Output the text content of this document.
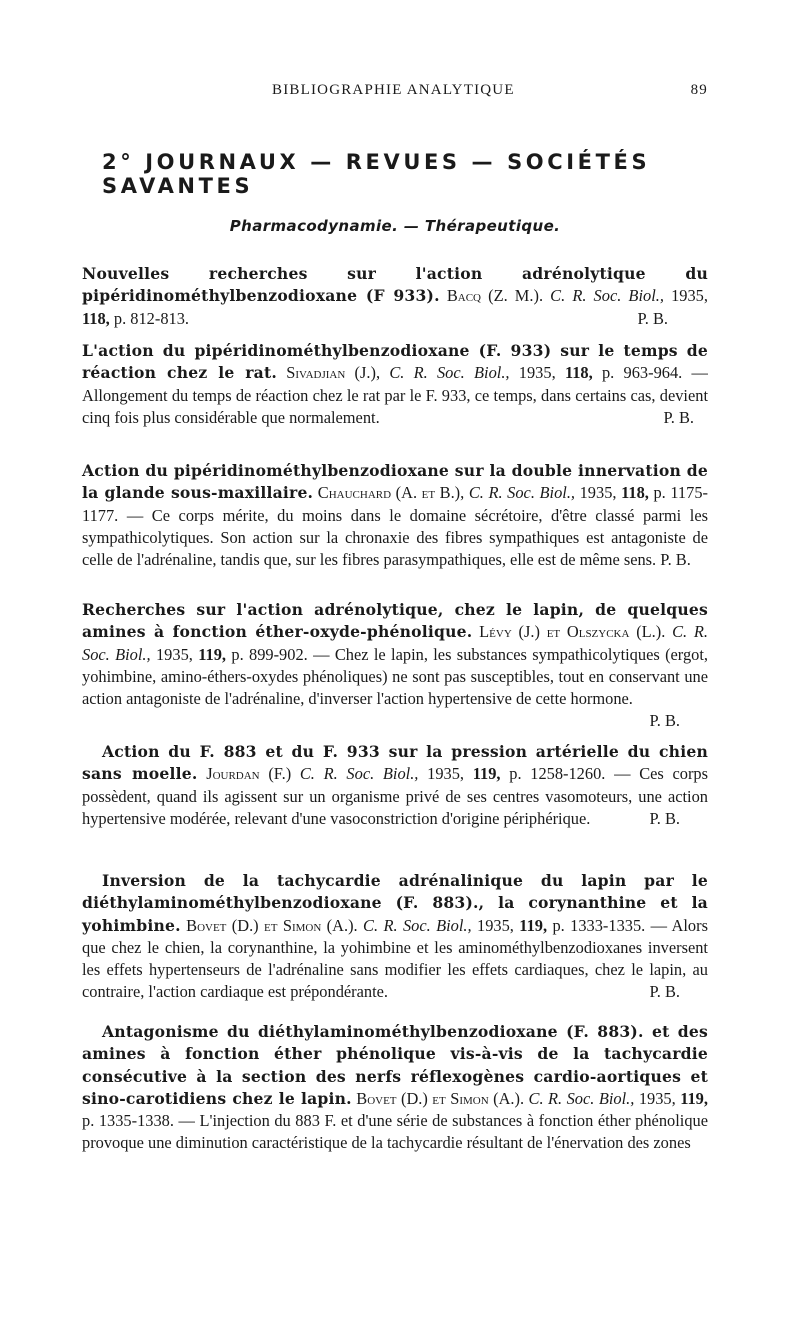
BIBLIOGRAPHIE ANALYTIQUE	89
2° JOURNAUX — REVUES — SOCIÉTÉS SAVANTES
Pharmacodynamie. — Thérapeutique.
Nouvelles recherches sur l'action adrénolytique du pipéridinométhylbenzodioxane (F 933). Bacq (Z. M.). C. R. Soc. Biol., 1935, 118, p. 812-813.	P. B.
L'action du pipéridinométhylbenzodioxane (F. 933) sur le temps de réaction chez le rat. Sivadjian (J.), C. R. Soc. Biol., 1935, 118, p. 963-964. — Allongement du temps de réaction chez le rat par le F. 933, ce temps, dans certains cas, devient cinq fois plus considérable que normalement.	P. B.
Action du pipéridinométhylbenzodioxane sur la double innervation de la glande sous-maxillaire. Chauchard (A. et B.), C. R. Soc. Biol., 1935, 118, p. 1175-1177. — Ce corps mérite, du moins dans le domaine sécrétoire, d'être classé parmi les sympathicolytiques. Son action sur la chronaxie des fibres sympathiques est antagoniste de celle de l'adrénaline, tandis que, sur les fibres parasympathiques, elle est de même sens. P. B.
Recherches sur l'action adrénolytique, chez le lapin, de quelques amines à fonction éther-oxyde-phénolique. Lévy (J.) et Olszycka (L.). C. R. Soc. Biol., 1935, 119, p. 899-902. — Chez le lapin, les substances sympathicolytiques (ergot, yohimbine, amino-éthers-oxydes phénoliques) ne sont pas susceptibles, tout en conservant une action antagoniste de l'adrénaline, d'inverser l'action hypertensive de cette hormone.
P. B.
Action du F. 883 et du F. 933 sur la pression artérielle du chien sans moelle. Jourdan (F.) C. R. Soc. Biol., 1935, 119, p. 1258-1260. — Ces corps possèdent, quand ils agissent sur un organisme privé de ses centres vasomoteurs, une action hypertensive modérée, relevant d'une vasoconstriction d'origine périphérique.	P. B.
Inversion de la tachycardie adrénalinique du lapin par le diéthylaminométhylbenzodioxane (F. 883)., la corynanthine et la yohimbine. Bovet (D.) et Simon (A.). C. R. Soc. Biol., 1935, 119, p. 1333-1335. — Alors que chez le chien, la corynanthine, la yohimbine et les aminométhylbenzodioxanes inversent les effets hypertenseurs de l'adrénaline sans modifier les effets cardiaques, chez le lapin, au contraire, l'action cardiaque est prépondérante.	P. B.
Antagonisme du diéthylaminométhylbenzodioxane (F. 883). et des amines à fonction éther phénolique vis-à-vis de la tachycardie consécutive à la section des nerfs réflexogènes cardio-aortiques et sino-carotidiens chez le lapin. Bovet (D.) et Simon (A.). C. R. Soc. Biol., 1935, 119, p. 1335-1338. — L'injection du 883 F. et d'une série de substances à fonction éther phénolique provoque une diminution caractéristique de la tachycardie résultant de l'énervation des zones
